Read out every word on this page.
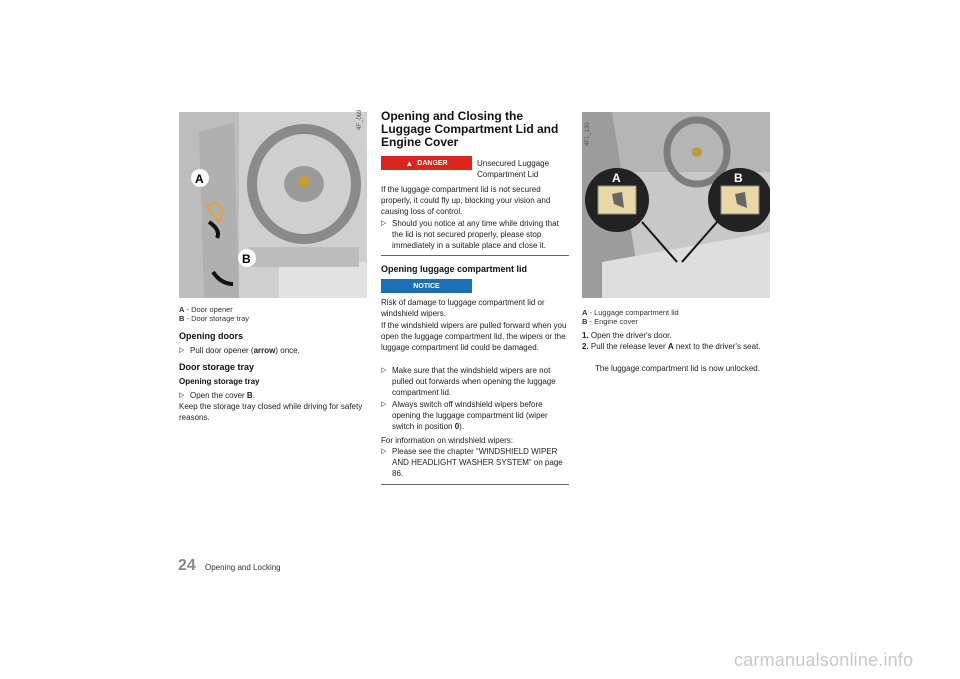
A
B
4F_069
A - Door opener
B - Door storage tray
Opening doors
▷ Pull door opener (arrow) once.
Door storage tray
Opening storage tray
▷ Open the cover B.
Keep the storage tray closed while driving for safety reasons.
Opening and Closing the Luggage Compartment Lid and Engine Cover
▲ DANGER	Unsecured Luggage Compartment Lid
If the luggage compartment lid is not secured properly, it could fly up, blocking your vision and causing loss of control.
▷ Should you notice at any time while driving that the lid is not secured properly, please stop immediately in a suitable place and close it.
Opening luggage compartment lid
NOTICE
Risk of damage to luggage compartment lid or windshield wipers.
If the windshield wipers are pulled forward when you open the luggage compartment lid, the wipers or the luggage compartment lid could be damaged.
▷ Make sure that the windshield wipers are not pulled out forwards when opening the luggage compartment lid.
▷ Always switch off windshield wipers before opening the luggage compartment lid (wiper switch in position 0).
For information on windshield wipers:
▷ Please see the chapter “WINDSHIELD WIPER AND HEADLIGHT WASHER SYSTEM” on page 86.
A	B
4F1_130
A - Luggage compartment lid
B - Engine cover
1. Open the driver's door.
2. Pull the release lever A next to the driver's seat.
The luggage compartment lid is now unlocked.
24 Opening and Locking
carmanualsonline.info
